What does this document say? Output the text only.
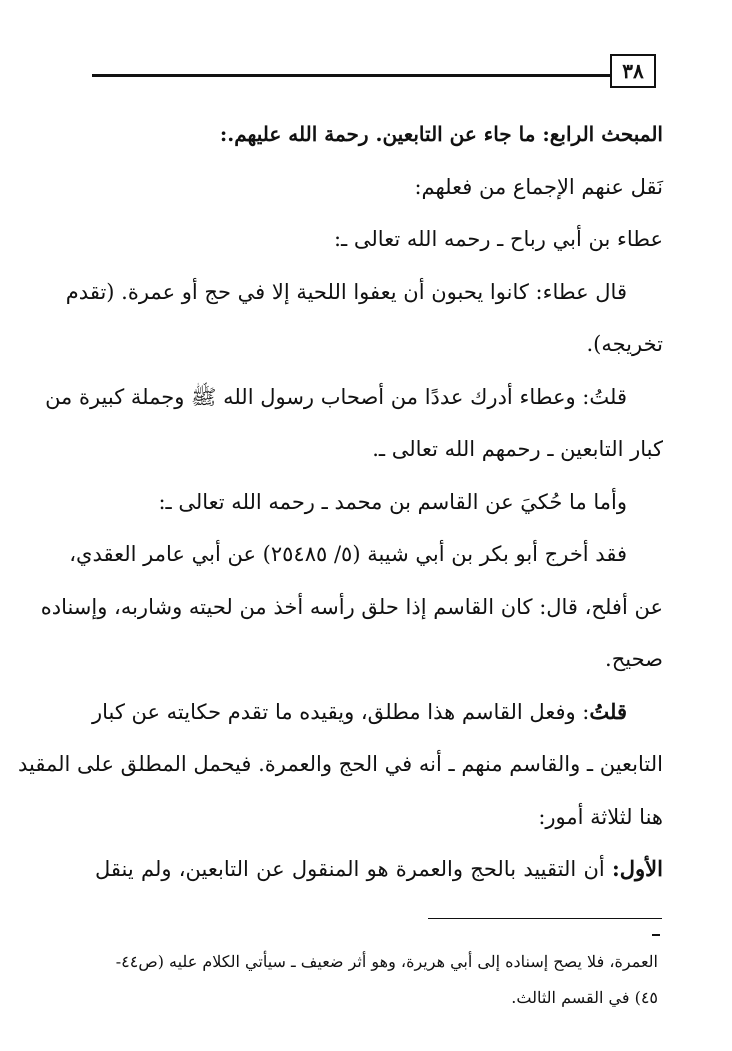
٣٨
المبحث الرابع: ما جاء عن التابعين. رحمة الله عليهم.:
نَقل عنهم الإجماع من فعلهم:
عطاء بن أبي رباح ـ رحمه الله تعالى ـ:
قال عطاء: كانوا يحبون أن يعفوا اللحية إلا في حج أو عمرة. (تقدم
تخريجه).
قلتُ: وعطاء أدرك عددًا من أصحاب رسول الله ﷺ وجملة كبيرة من
كبار التابعين ـ رحمهم الله تعالى ـ.
وأما ما حُكيَ عن القاسم بن محمد ـ رحمه الله تعالى ـ:
فقد أخرج أبو بكر بن أبي شيبة (٥/ ٢٥٤٨٥) عن أبي عامر العقدي،
عن أفلح، قال: كان القاسم إذا حلق رأسه أخذ من لحيته وشاربه، وإسناده
صحيح.
قلتُ: وفعل القاسم هذا مطلق، ويقيده ما تقدم حكايته عن كبار
التابعين ـ والقاسم منهم ـ أنه في الحج والعمرة. فيحمل المطلق على المقيد
هنا لثلاثة أمور:
الأول: أن التقييد بالحج والعمرة هو المنقول عن التابعين، ولم ينقل
العمرة، فلا يصح إسناده إلى أبي هريرة، وهو أثر ضعيف ـ سيأتي الكلام عليه (ص٤٤-
٤٥) في القسم الثالث.
